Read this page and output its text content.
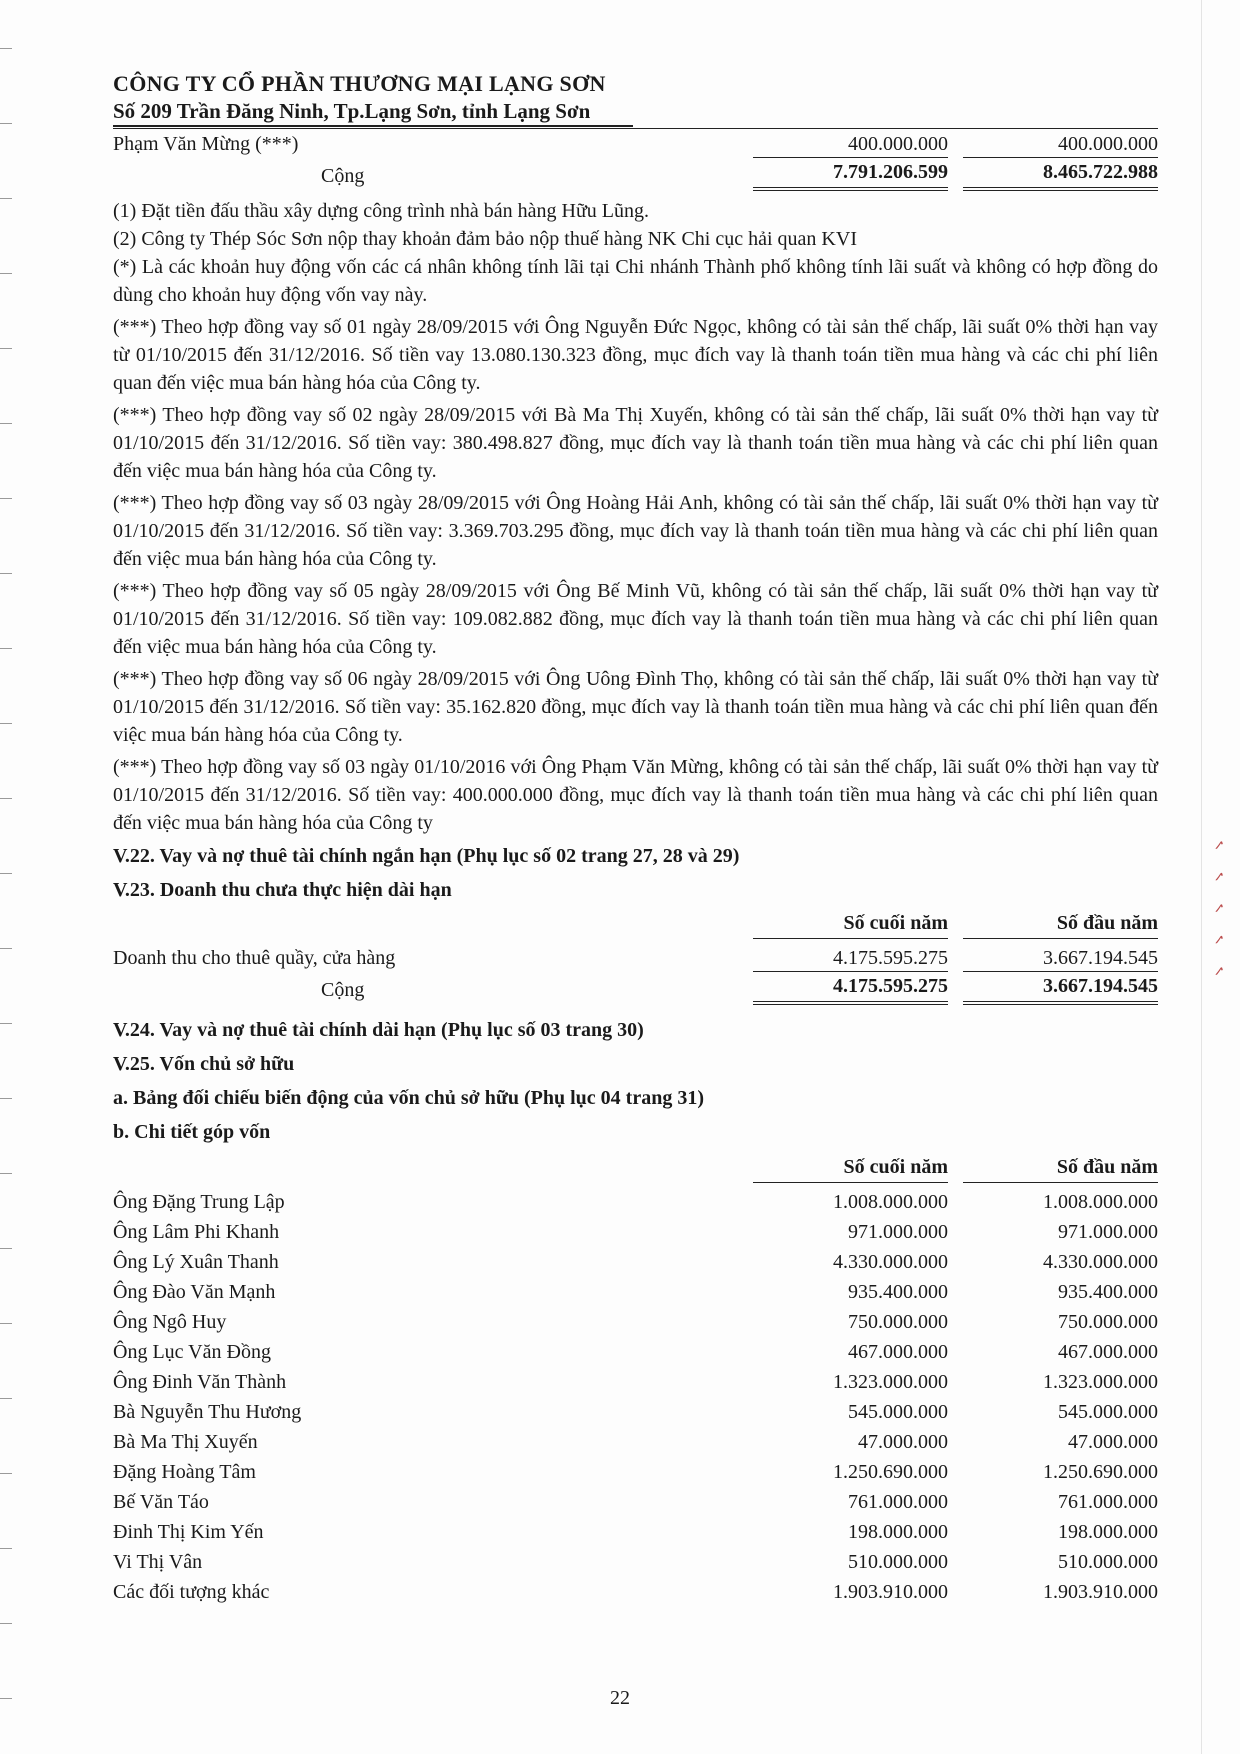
CÔNG TY CỔ PHẦN THƯƠNG MẠI LẠNG SƠN

Số 209 Trần Đăng Ninh, Tp.Lạng Sơn, tỉnh Lạng Sơn

Phạm Văn Mừng (***)	400.000.000	400.000.000
Cộng	7.791.206.599	8.465.722.988

(1) Đặt tiền đấu thầu xây dựng công trình nhà bán hàng Hữu Lũng.

(2) Công ty Thép Sóc Sơn nộp thay khoản đảm bảo nộp thuế hàng NK Chi cục hải quan KVI

(*) Là các khoản huy động vốn các cá nhân không tính lãi tại Chi nhánh Thành phố không tính lãi suất và không có hợp đồng do dùng cho khoản huy động vốn vay này.

(***) Theo hợp đồng vay số 01 ngày 28/09/2015 với Ông Nguyễn Đức Ngọc, không có tài sản thế chấp, lãi suất 0% thời hạn vay từ 01/10/2015 đến 31/12/2016. Số tiền vay 13.080.130.323 đồng, mục đích vay là thanh toán tiền mua hàng và các chi phí liên quan đến việc mua bán hàng hóa của Công ty.

(***) Theo hợp đồng vay số 02 ngày 28/09/2015 với Bà Ma Thị Xuyến, không có tài sản thế chấp, lãi suất 0% thời hạn vay từ 01/10/2015 đến 31/12/2016. Số tiền vay: 380.498.827 đồng, mục đích vay là thanh toán tiền mua hàng và các chi phí liên quan đến việc mua bán hàng hóa của Công ty.

(***) Theo hợp đồng vay số 03 ngày 28/09/2015 với Ông Hoàng Hải Anh, không có tài sản thế chấp, lãi suất 0% thời hạn vay từ 01/10/2015 đến 31/12/2016. Số tiền vay: 3.369.703.295 đồng, mục đích vay là thanh toán tiền mua hàng và các chi phí liên quan đến việc mua bán hàng hóa của Công ty.

(***) Theo hợp đồng vay số 05 ngày 28/09/2015 với Ông Bế Minh Vũ, không có tài sản thế chấp, lãi suất 0% thời hạn vay từ 01/10/2015 đến 31/12/2016. Số tiền vay: 109.082.882 đồng, mục đích vay là thanh toán tiền mua hàng và các chi phí liên quan đến việc mua bán hàng hóa của Công ty.

(***) Theo hợp đồng vay số 06 ngày 28/09/2015 với Ông Uông Đình Thọ, không có tài sản thế chấp, lãi suất 0% thời hạn vay từ 01/10/2015 đến 31/12/2016. Số tiền vay: 35.162.820 đồng, mục đích vay là thanh toán tiền mua hàng và các chi phí liên quan đến việc mua bán hàng hóa của Công ty.

(***) Theo hợp đồng vay số 03 ngày 01/10/2016 với Ông Phạm Văn Mừng, không có tài sản thế chấp, lãi suất 0% thời hạn vay từ 01/10/2015 đến 31/12/2016. Số tiền vay: 400.000.000 đồng, mục đích vay là thanh toán tiền mua hàng và các chi phí liên quan đến việc mua bán hàng hóa của Công ty

V.22. Vay và nợ thuê tài chính ngắn hạn (Phụ lục số 02 trang 27, 28 và 29)
V.23. Doanh thu chưa thực hiện dài hạn
Số cuối năm	Số đầu năm
Doanh thu cho thuê quầy, cửa hàng	4.175.595.275	3.667.194.545
Cộng	4.175.595.275	3.667.194.545
V.24. Vay và nợ thuê tài chính dài hạn (Phụ lục số 03 trang 30)
V.25. Vốn chủ sở hữu
a. Bảng đối chiếu biến động của vốn chủ sở hữu (Phụ lục 04 trang 31)
b. Chi tiết góp vốn
Số cuối năm	Số đầu năm
Ông Đặng Trung Lập	1.008.000.000	1.008.000.000
Ông Lâm Phi Khanh	971.000.000	971.000.000
Ông Lý Xuân Thanh	4.330.000.000	4.330.000.000
Ông Đào Văn Mạnh	935.400.000	935.400.000
Ông Ngô Huy	750.000.000	750.000.000
Ông Lục Văn Đồng	467.000.000	467.000.000
Ông Đinh Văn Thành	1.323.000.000	1.323.000.000
Bà Nguyễn Thu Hương	545.000.000	545.000.000
Bà Ma Thị Xuyến	47.000.000	47.000.000
Đặng Hoàng Tâm	1.250.690.000	1.250.690.000
Bế Văn Táo	761.000.000	761.000.000
Đinh Thị Kim Yến	198.000.000	198.000.000
Vi Thị Vân	510.000.000	510.000.000
Các đối tượng khác	1.903.910.000	1.903.910.000
22
✓ ✓ ✓ ✓ ✓
